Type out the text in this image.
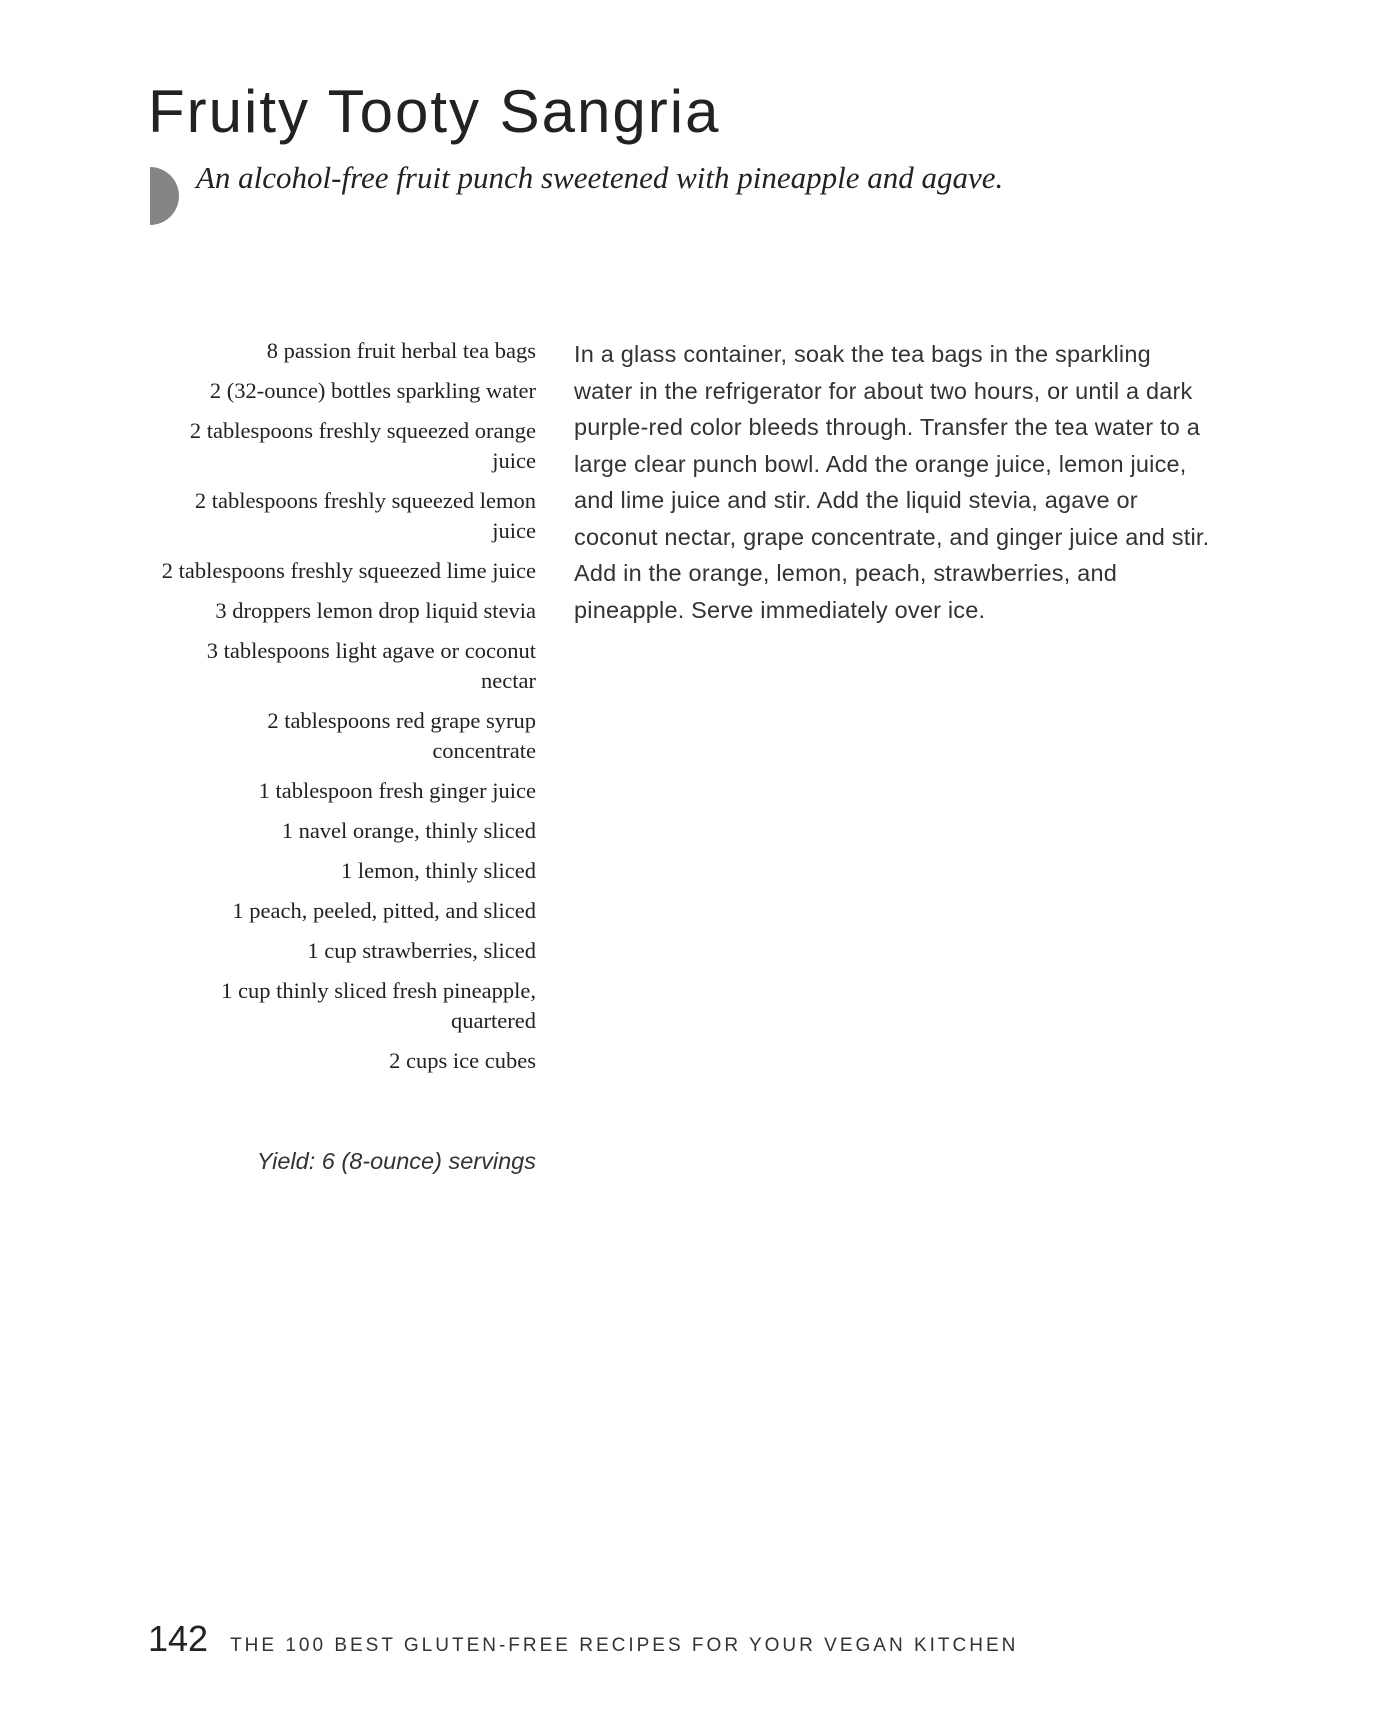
Fruity Tooty Sangria

An alcohol-free fruit punch sweetened with pineapple and agave.

8 passion fruit herbal tea bags
2 (32-ounce) bottles sparkling water
2 tablespoons freshly squeezed orange juice
2 tablespoons freshly squeezed lemon juice
2 tablespoons freshly squeezed lime juice
3 droppers lemon drop liquid stevia
3 tablespoons light agave or coconut nectar
2 tablespoons red grape syrup concentrate
1 tablespoon fresh ginger juice
1 navel orange, thinly sliced
1 lemon, thinly sliced
1 peach, peeled, pitted, and sliced
1 cup strawberries, sliced
1 cup thinly sliced fresh pineapple, quartered
2 cups ice cubes

Yield: 6 (8-ounce) servings

In a glass container, soak the tea bags in the sparkling water in the refrigerator for about two hours, or until a dark purple-red color bleeds through. Transfer the tea water to a large clear punch bowl. Add the orange juice, lemon juice, and lime juice and stir. Add the liquid stevia, agave or coconut nectar, grape concentrate, and ginger juice and stir. Add in the orange, lemon, peach, strawberries, and pineapple. Serve immediately over ice.

142 THE 100 BEST GLUTEN-FREE RECIPES FOR YOUR VEGAN KITCHEN
